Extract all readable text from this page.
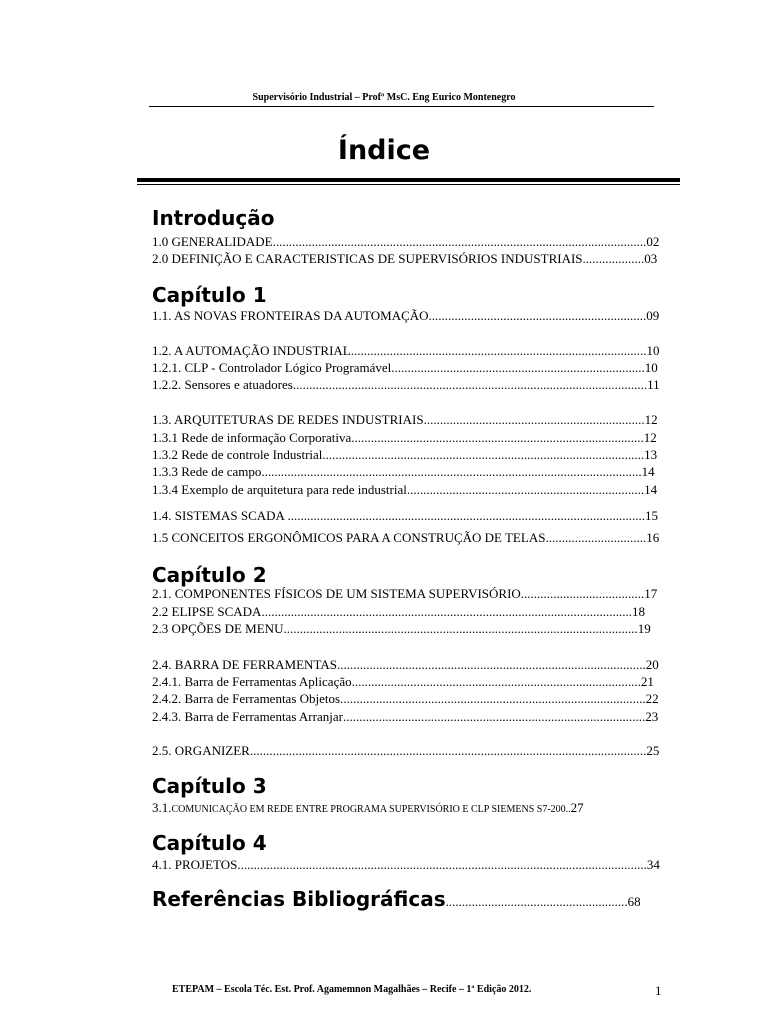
Supervisório Industrial – Profº MsC. Eng Eurico Montenegro
Índice
Introdução
1.0 GENERALIDADE...................................................................................................................02
2.0 DEFINIÇÃO E CARACTERISTICAS DE SUPERVISÓRIOS INDUSTRIAIS...................03
Capítulo 1
1.1. AS NOVAS FRONTEIRAS DA AUTOMAÇÃO...................................................................09
1.2. A AUTOMAÇÃO INDUSTRIAL...........................................................................................10
1.2.1. CLP - Controlador Lógico Programável..............................................................................10
1.2.2. Sensores e atuadores.............................................................................................................11
1.3. ARQUITETURAS DE REDES INDUSTRIAIS....................................................................12
1.3.1 Rede de informação Corporativa..........................................................................................12
1.3.2 Rede de controle Industrial...................................................................................................13
1.3.3 Rede de campo.....................................................................................................................14
1.3.4 Exemplo de arquitetura para rede industrial.........................................................................14
1.4. SISTEMAS SCADA ..............................................................................................................15
1.5 CONCEITOS ERGONÔMICOS PARA A CONSTRUÇÃO DE TELAS...............................16
Capítulo 2
2.1. COMPONENTES FÍSICOS DE UM SISTEMA SUPERVISÓRIO......................................17
2.2 ELIPSE SCADA..................................................................................................................18
2.3 OPÇÕES DE MENU.............................................................................................................19
2.4. BARRA DE FERRAMENTAS...............................................................................................20
2.4.1. Barra de Ferramentas Aplicação.........................................................................................21
2.4.2. Barra de Ferramentas Objetos..............................................................................................22
2.4.3. Barra de Ferramentas Arranjar.............................................................................................23
2.5. ORGANIZER..........................................................................................................................25
Capítulo 3
3.1.COMUNICAÇÃO EM REDE ENTRE PROGRAMA SUPERVISÓRIO E CLP SIEMENS S7-200..27
Capítulo 4
4.1. PROJETOS..............................................................................................................................34
Referências Bibliográficas........................................................68
ETEPAM – Escola Téc. Est. Prof. Agamemnon Magalhães – Recife – 1ª Edição 2012.	1
